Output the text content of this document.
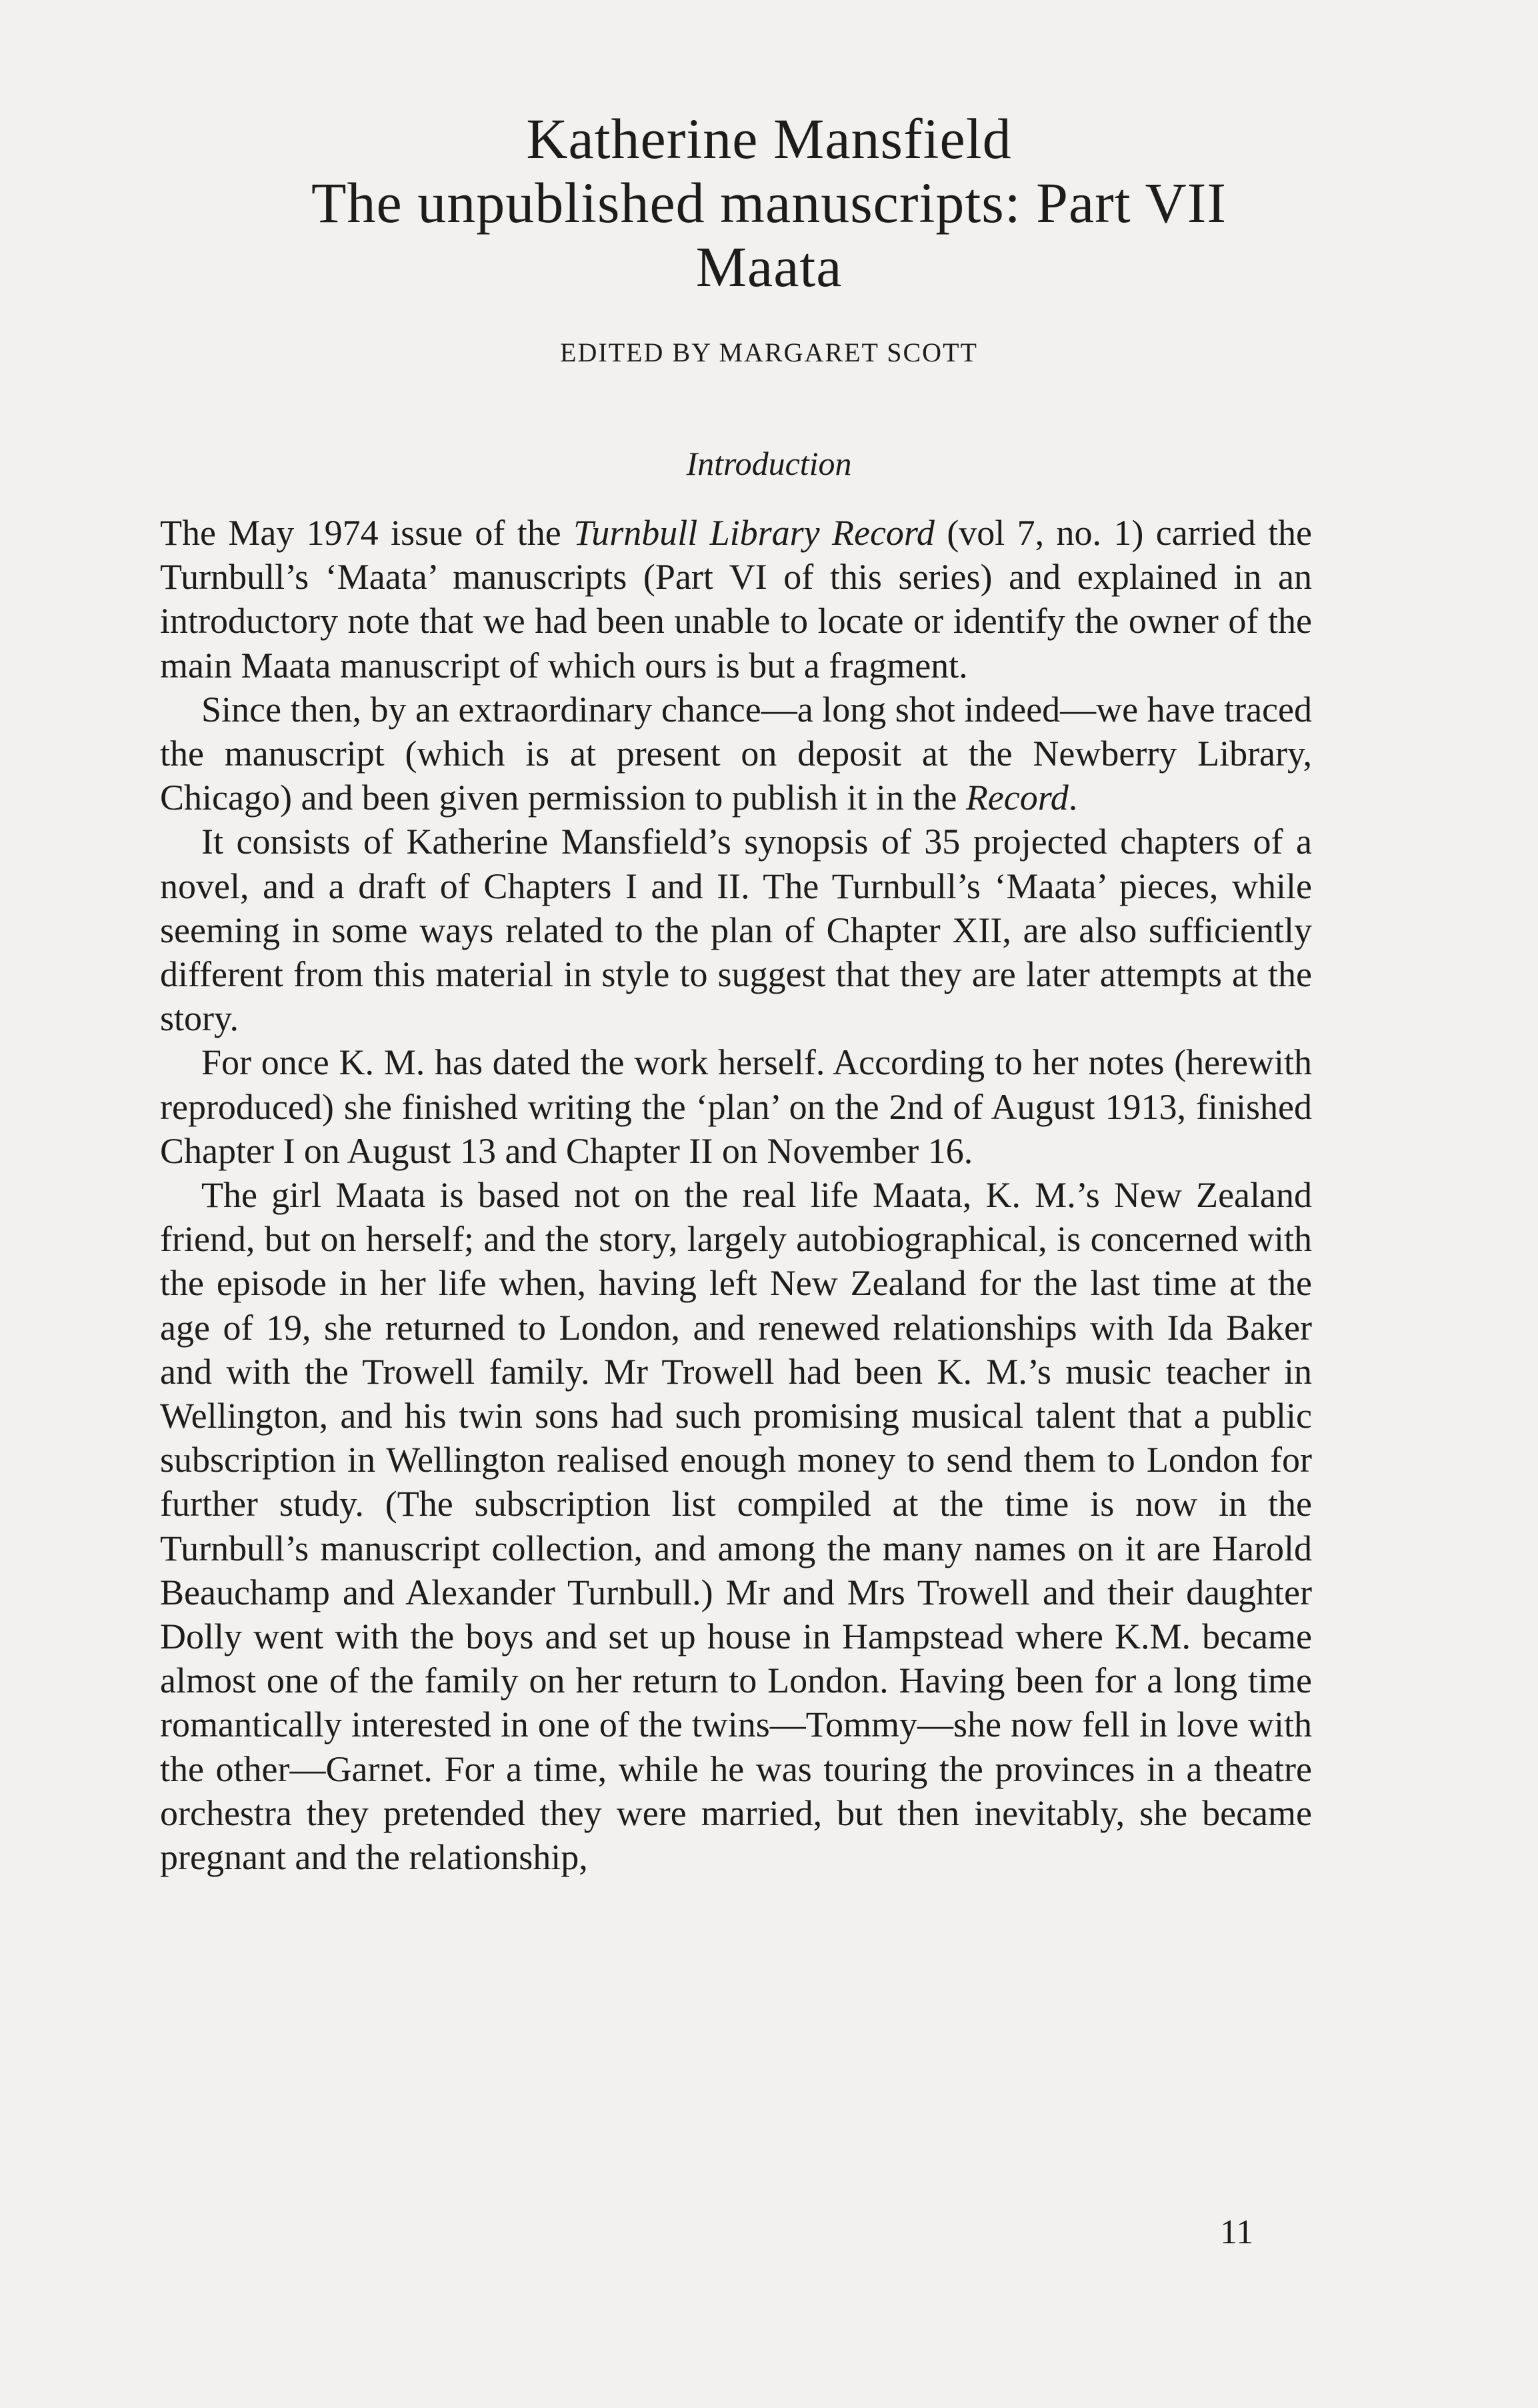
Katherine Mansfield
The unpublished manuscripts: Part VII
Maata
EDITED BY MARGARET SCOTT
Introduction

The May 1974 issue of the Turnbull Library Record (vol 7, no. 1) carried the Turnbull’s ‘Maata’ manuscripts (Part VI of this series) and explained in an introductory note that we had been unable to locate or identify the owner of the main Maata manuscript of which ours is but a fragment.

Since then, by an extraordinary chance—a long shot indeed—we have traced the manuscript (which is at present on deposit at the Newberry Library, Chicago) and been given permission to publish it in the Record.

It consists of Katherine Mansfield’s synopsis of 35 projected chapters of a novel, and a draft of Chapters I and II. The Turnbull’s ‘Maata’ pieces, while seeming in some ways related to the plan of Chapter XII, are also sufficiently different from this material in style to suggest that they are later attempts at the story.

For once K. M. has dated the work herself. According to her notes (herewith reproduced) she finished writing the ‘plan’ on the 2nd of August 1913, finished Chapter I on August 13 and Chapter II on November 16.

The girl Maata is based not on the real life Maata, K. M.’s New Zealand friend, but on herself; and the story, largely autobiographical, is concerned with the episode in her life when, having left New Zealand for the last time at the age of 19, she returned to London, and renewed relationships with Ida Baker and with the Trowell family. Mr Trowell had been K. M.’s music teacher in Wellington, and his twin sons had such promising musical talent that a public subscription in Wellington realised enough money to send them to London for further study. (The subscription list compiled at the time is now in the Turnbull’s manuscript collection, and among the many names on it are Harold Beauchamp and Alexander Turnbull.) Mr and Mrs Trowell and their daughter Dolly went with the boys and set up house in Hampstead where K.M. became almost one of the family on her return to London. Having been for a long time romantically interested in one of the twins—Tommy—she now fell in love with the other—Garnet. For a time, while he was touring the provinces in a theatre orchestra they pretended they were married, but then inevitably, she became pregnant and the relationship,

11
